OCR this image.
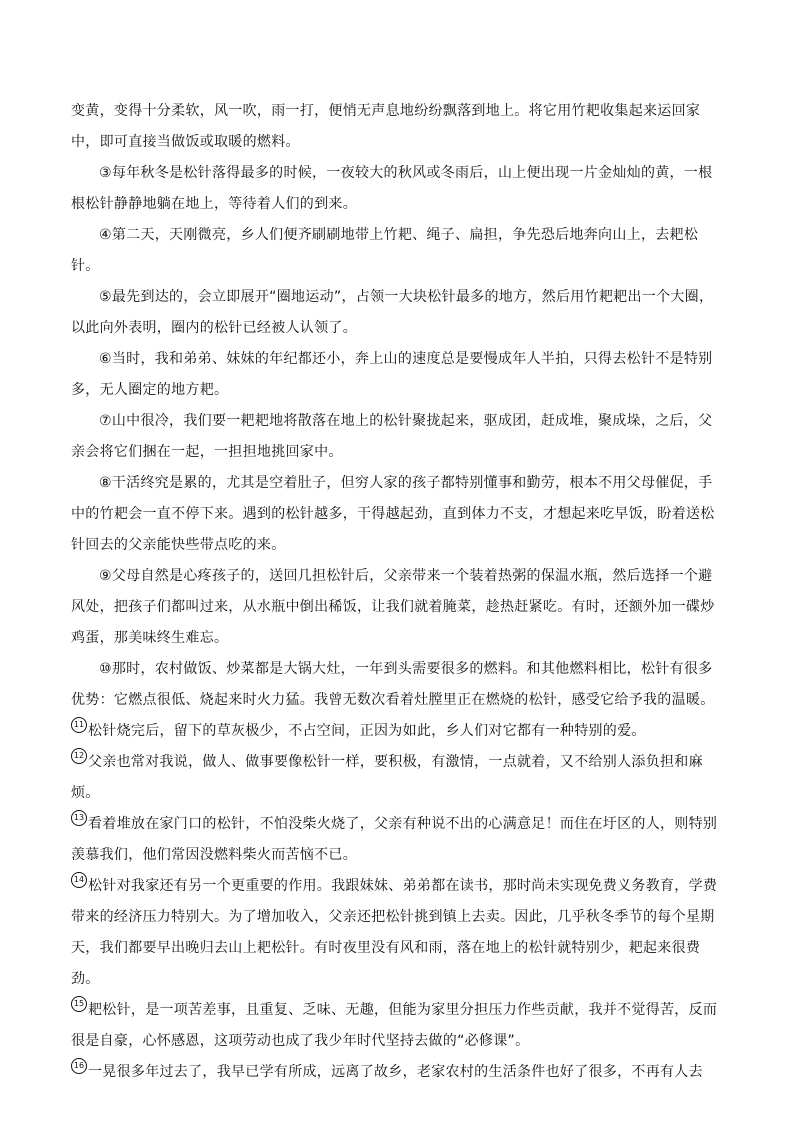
变黄，变得十分柔软，风一吹，雨一打，便悄无声息地纷纷飘落到地上。将它用竹耙收集起来运回家中，即可直接当做饭或取暖的燃料。

③每年秋冬是松针落得最多的时候，一夜较大的秋风或冬雨后，山上便出现一片金灿灿的黄，一根根松针静静地躺在地上，等待着人们的到来。

④第二天，天刚微亮，乡人们便齐刷刷地带上竹耙、绳子、扁担，争先恐后地奔向山上，去耙松针。

⑤最先到达的，会立即展开“圈地运动”，占领一大块松针最多的地方，然后用竹耙耙出一个大圈，以此向外表明，圈内的松针已经被人认领了。

⑥当时，我和弟弟、妹妹的年纪都还小，奔上山的速度总是要慢成年人半拍，只得去松针不是特别多，无人圈定的地方耙。

⑦山中很冷，我们要一耙耙地将散落在地上的松针聚拢起来，驱成团，赶成堆，聚成垛，之后，父亲会将它们捆在一起，一担担地挑回家中。

⑧干活终究是累的，尤其是空着肚子，但穷人家的孩子都特别懂事和勤劳，根本不用父母催促，手中的竹耙会一直不停下来。遇到的松针越多，干得越起劲，直到体力不支，才想起来吃早饭，盼着送松针回去的父亲能快些带点吃的来。

⑨父母自然是心疼孩子的，送回几担松针后，父亲带来一个装着热粥的保温水瓶，然后选择一个避风处，把孩子们都叫过来，从水瓶中倒出稀饭，让我们就着腌菜，趁热赶紧吃。有时，还额外加一碟炒鸡蛋，那美味终生难忘。

⑩那时，农村做饭、炒菜都是大锅大灶，一年到头需要很多的燃料。和其他燃料相比，松针有很多优势：它燃点很低、烧起来时火力猛。我曾无数次看着灶膛里正在燃烧的松针，感受它给予我的温暖。

11 松针烧完后，留下的草灰极少，不占空间，正因为如此，乡人们对它都有一种特别的爱。

12 父亲也常对我说，做人、做事要像松针一样，要积极，有激情，一点就着，又不给别人添负担和麻烦。

13 看着堆放在家门口的松针，不怕没柴火烧了，父亲有种说不出的心满意足！而住在圩区的人，则特别羡慕我们，他们常因没燃料柴火而苦恼不已。

14 松针对我家还有另一个更重要的作用。我跟妹妹、弟弟都在读书，那时尚未实现免费义务教育，学费带来的经济压力特别大。为了增加收入，父亲还把松针挑到镇上去卖。因此，几乎秋冬季节的每个星期天，我们都要早出晚归去山上耙松针。有时夜里没有风和雨，落在地上的松针就特别少，耙起来很费劲。

15 耙松针，是一项苦差事，且重复、乏味、无趣，但能为家里分担压力作些贡献，我并不觉得苦，反而很是自豪，心怀感恩，这项劳动也成了我少年时代坚持去做的“必修课”。

16 一晃很多年过去了，我早已学有所成，远离了故乡，老家农村的生活条件也好了很多，不再有人去
